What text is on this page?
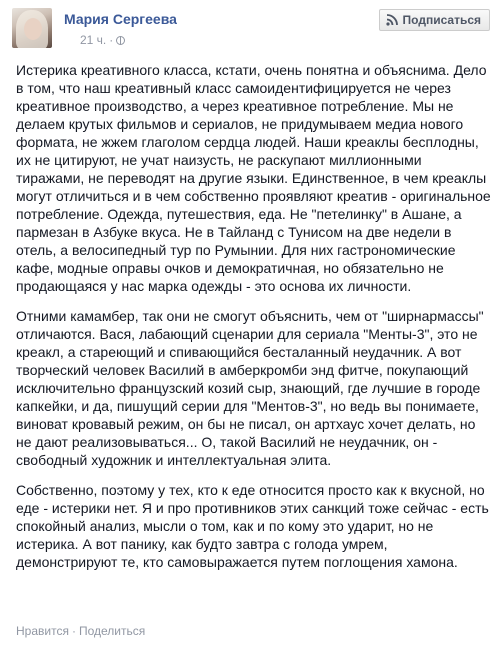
Мария Сергеева
21 ч. ·
Подписаться

Истерика креативного класса, кстати, очень понятна и объяснима. Дело в том, что наш креативный класс самоидентифицируется не через креативное производство, а через креативное потребление. Мы не делаем крутых фильмов и сериалов, не придумываем медиа нового формата, не жжем глаголом сердца людей. Наши креаклы бесплодны, их не цитируют, не учат наизусть, не раскупают миллионными тиражами, не переводят на другие языки. Единственное, в чем креаклы могут отличиться и в чем собственно проявляют креатив - оригинальное потребление. Одежда, путешествия, еда. Не "петелинку" в Ашане, а пармезан в Азбуке вкуса. Не в Тайланд с Тунисом на две недели в отель, а велосипедный тур по Румынии. Для них гастрономические кафе, модные оправы очков и демократичная, но обязательно не продающаяся у нас марка одежды - это основа их личности.

Отними камамбер, так они не смогут объяснить, чем от "ширнармассы" отличаются. Вася, лабающий сценарии для сериала "Менты-3", это не креакл, а стареющий и спивающийся бесталанный неудачник. А вот творческий человек Василий в амберкромби энд фитче, покупающий исключительно французский козий сыр, знающий, где лучшие в городе капкейки, и да, пишущий серии для "Ментов-3", но ведь вы понимаете, виноват кровавый режим, он бы не писал, он артхаус хочет делать, но не дают реализовываться... О, такой Василий не неудачник, он - свободный художник и интеллектуальная элита.

Собственно, поэтому у тех, кто к еде относится просто как к вкусной, но еде - истерики нет. Я и про противников этих санкций тоже сейчас - есть спокойный анализ, мысли о том, как и по кому это ударит, но не истерика. А вот панику, как будто завтра с голода умрем, демонстрируют те, кто самовыражается путем поглощения хамона.

Нравится · Поделиться
